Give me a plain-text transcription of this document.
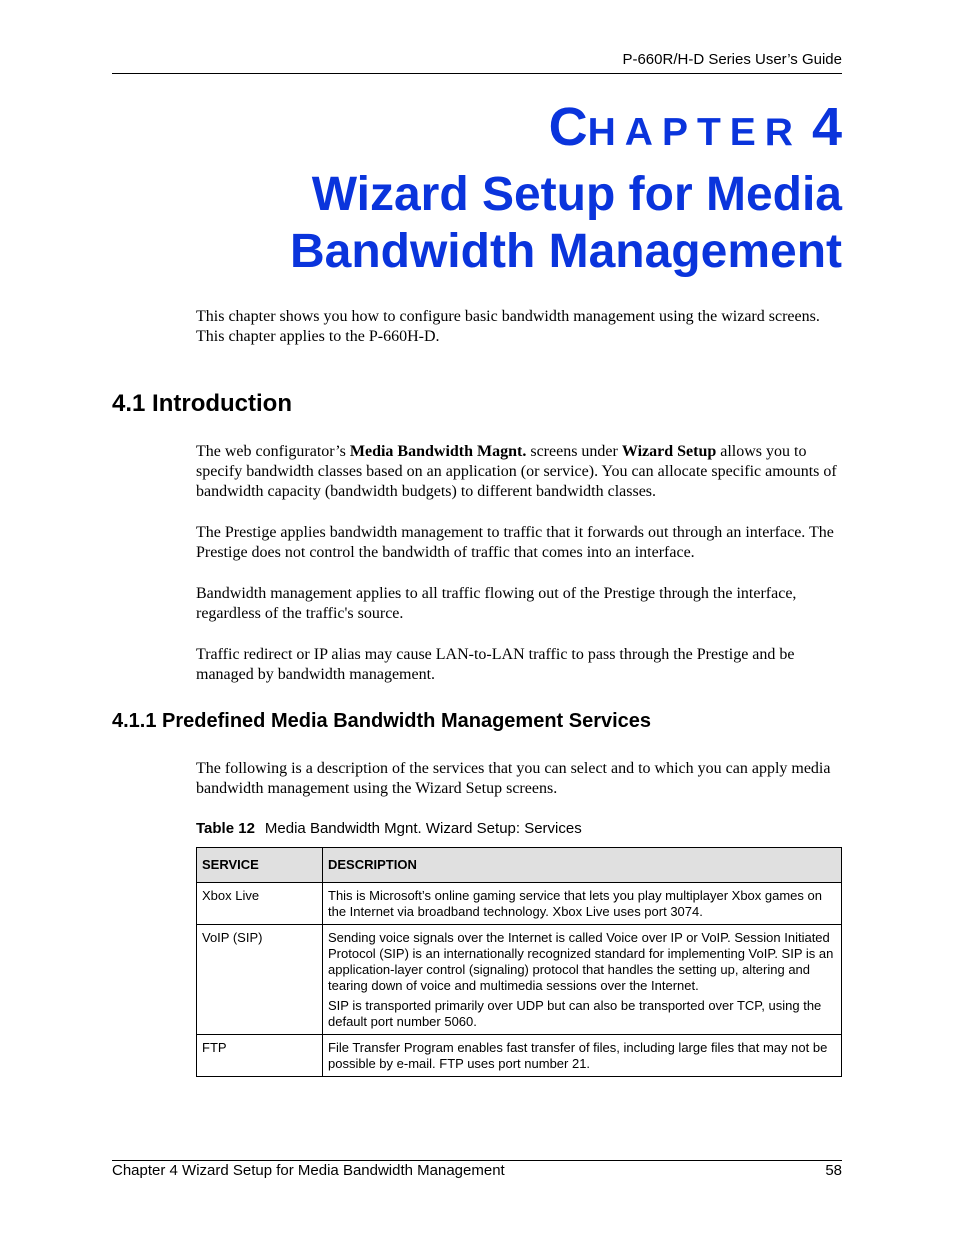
P-660R/H-D Series User’s Guide
CHAPTER 4
Wizard Setup for Media
Bandwidth Management

This chapter shows you how to configure basic bandwidth management using the wizard screens. This chapter applies to the P-660H-D.

4.1 Introduction

The web configurator’s Media Bandwidth Magnt. screens under Wizard Setup allows you to specify bandwidth classes based on an application (or service). You can allocate specific amounts of bandwidth capacity (bandwidth budgets) to different bandwidth classes.

The Prestige applies bandwidth management to traffic that it forwards out through an interface. The Prestige does not control the bandwidth of traffic that comes into an interface.

Bandwidth management applies to all traffic flowing out of the Prestige through the interface, regardless of the traffic's source.

Traffic redirect or IP alias may cause LAN-to-LAN traffic to pass through the Prestige and be managed by bandwidth management.

4.1.1 Predefined Media Bandwidth Management Services

The following is a description of the services that you can select and to which you can apply media bandwidth management using the Wizard Setup screens.

Table 12 Media Bandwidth Mgnt. Wizard Setup: Services
SERVICE	DESCRIPTION
Xbox Live	This is Microsoft’s online gaming service that lets you play multiplayer Xbox games on the Internet via broadband technology. Xbox Live uses port 3074.

VoIP (SIP)	Sending voice signals over the Internet is called Voice over IP or VoIP. Session Initiated Protocol (SIP) is an internationally recognized standard for implementing VoIP. SIP is an application-layer control (signaling) protocol that handles the setting up, altering and tearing down of voice and multimedia sessions over the Internet.

SIP is transported primarily over UDP but can also be transported over TCP, using the default port number 5060.

FTP	File Transfer Program enables fast transfer of files, including large files that may not be possible by e-mail. FTP uses port number 21.

Chapter 4 Wizard Setup for Media Bandwidth Management	58
